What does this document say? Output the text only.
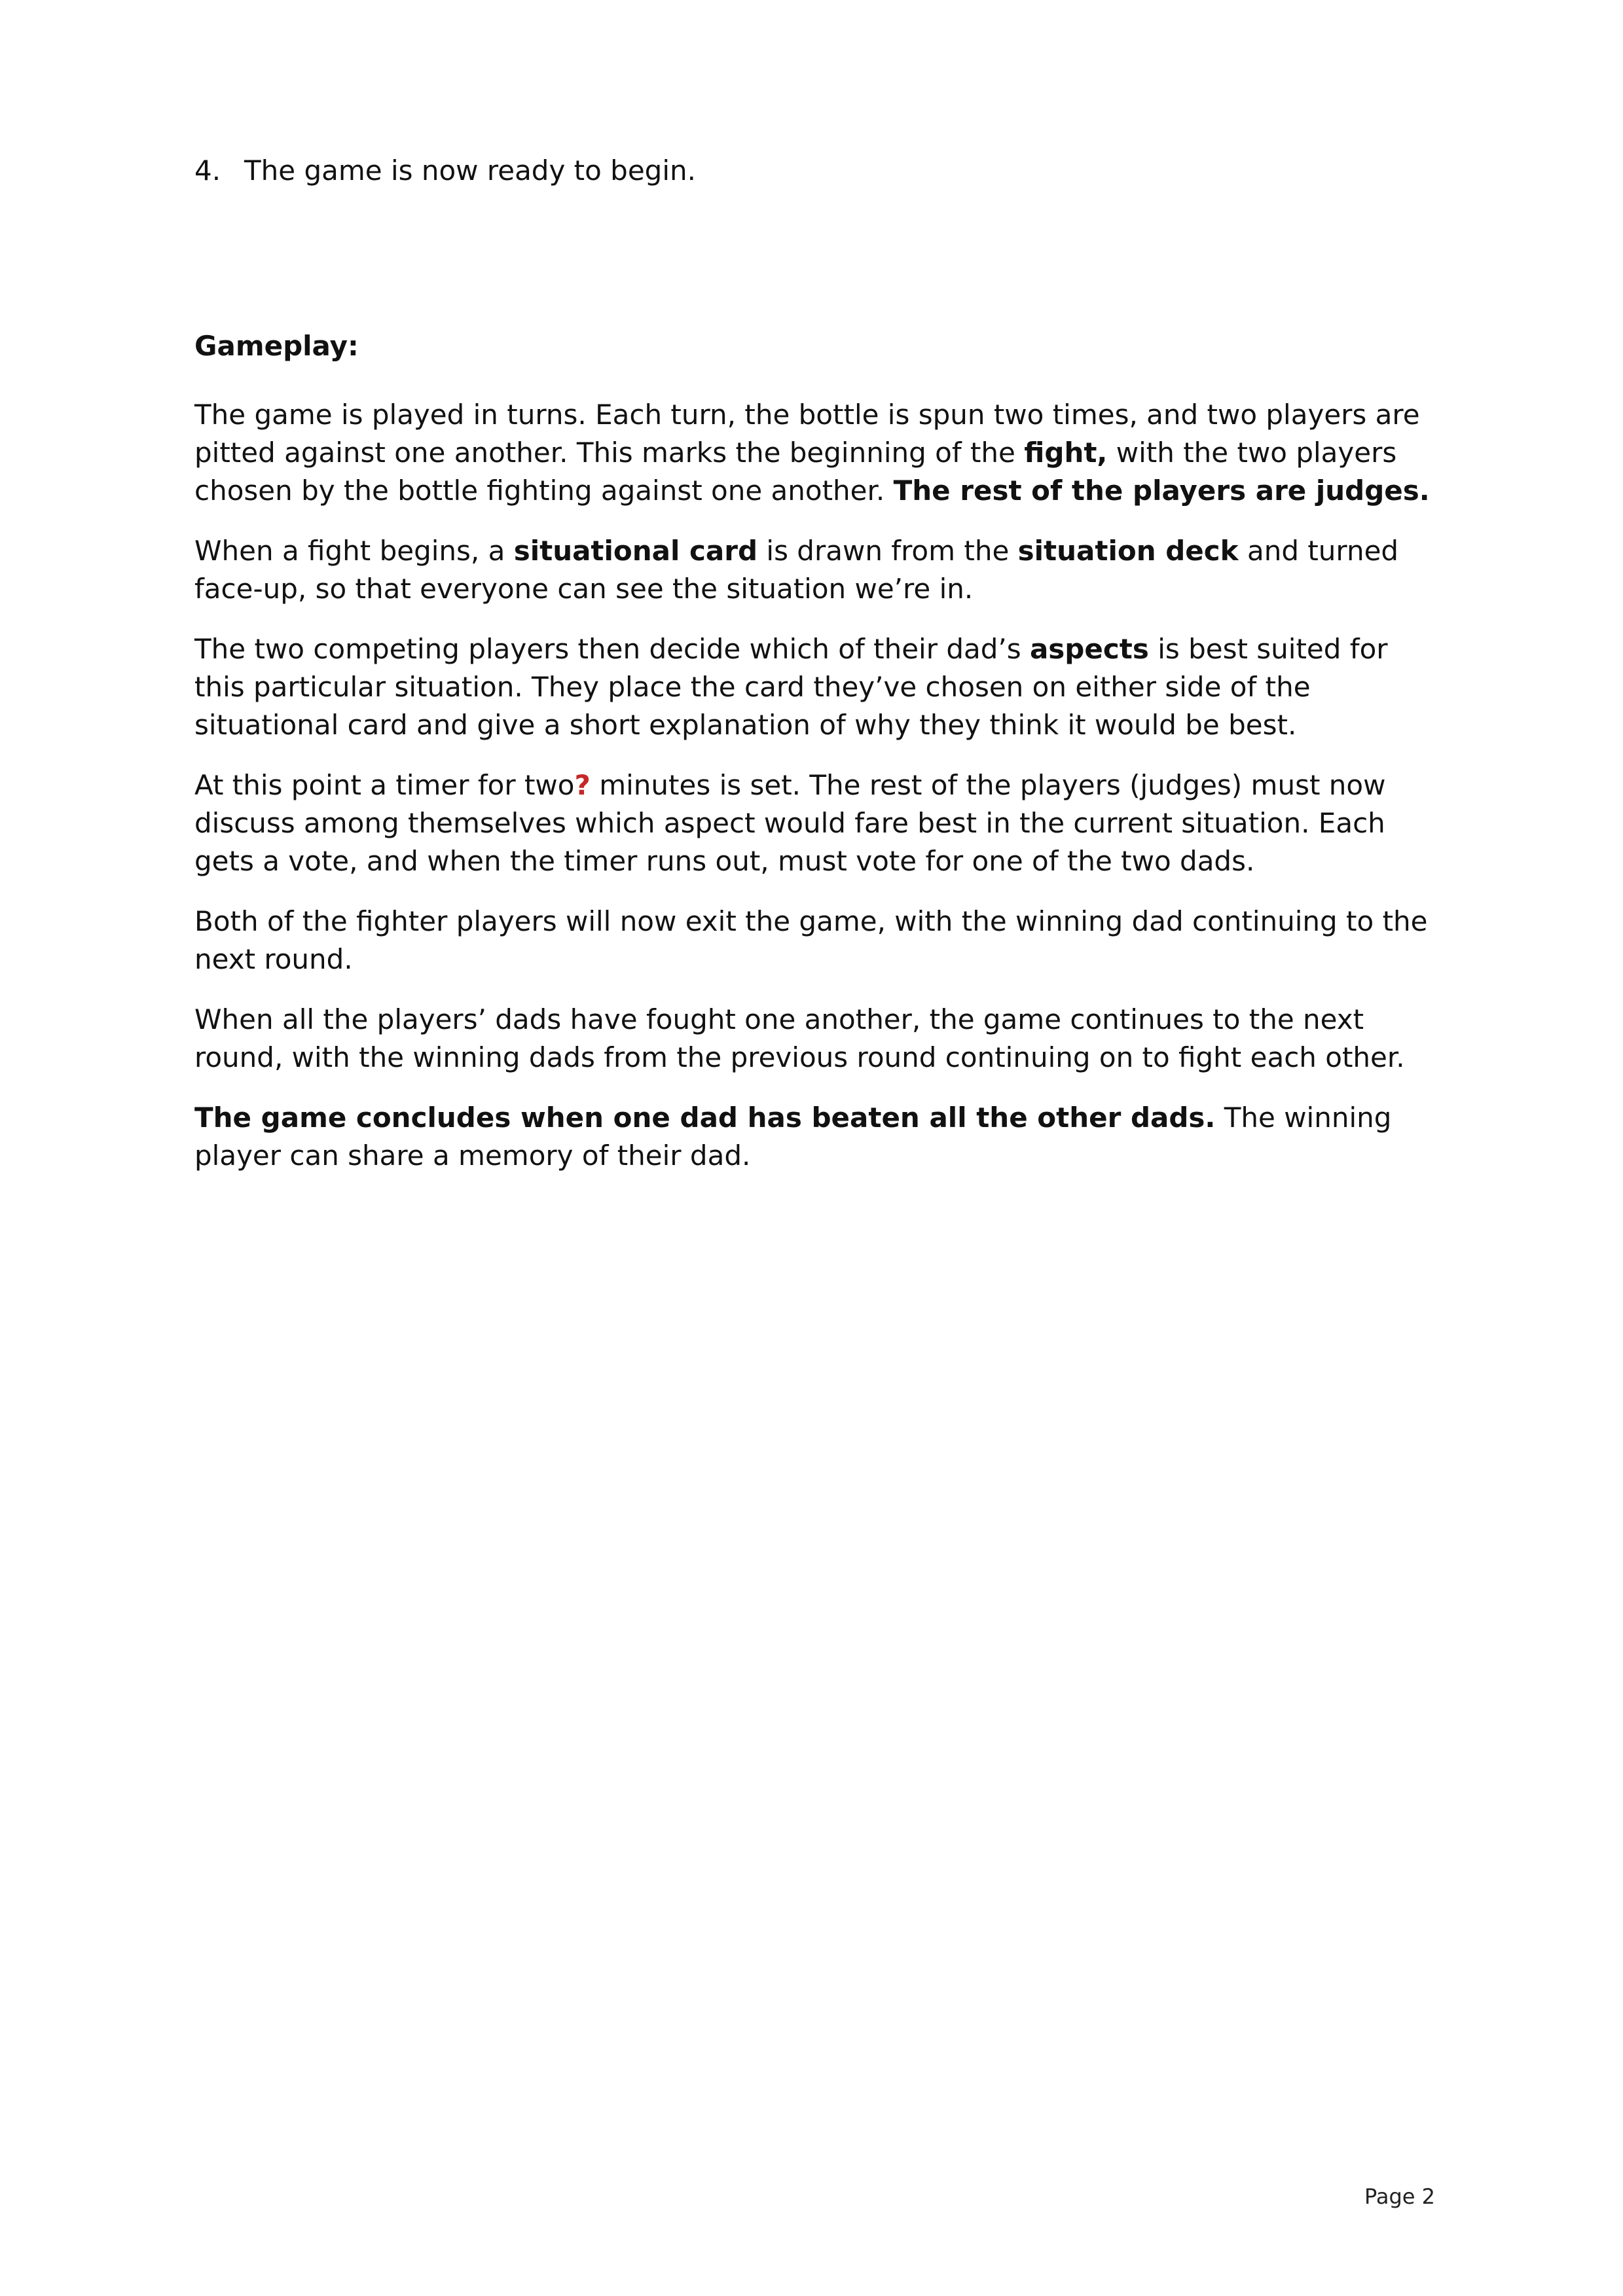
4. The game is now ready to begin.

Gameplay:

The game is played in turns. Each turn, the bottle is spun two times, and two players are pitted against one another. This marks the beginning of the fight, with the two players chosen by the bottle fighting against one another. The rest of the players are judges.

When a fight begins, a situational card is drawn from the situation deck and turned face-up, so that everyone can see the situation we’re in.

The two competing players then decide which of their dad’s aspects is best suited for this particular situation. They place the card they’ve chosen on either side of the situational card and give a short explanation of why they think it would be best.

At this point a timer for two? minutes is set. The rest of the players (judges) must now discuss among themselves which aspect would fare best in the current situation. Each gets a vote, and when the timer runs out, must vote for one of the two dads.

Both of the fighter players will now exit the game, with the winning dad continuing to the next round.

When all the players’ dads have fought one another, the game continues to the next round, with the winning dads from the previous round continuing on to fight each other.

The game concludes when one dad has beaten all the other dads. The winning player can share a memory of their dad.

Page 2
